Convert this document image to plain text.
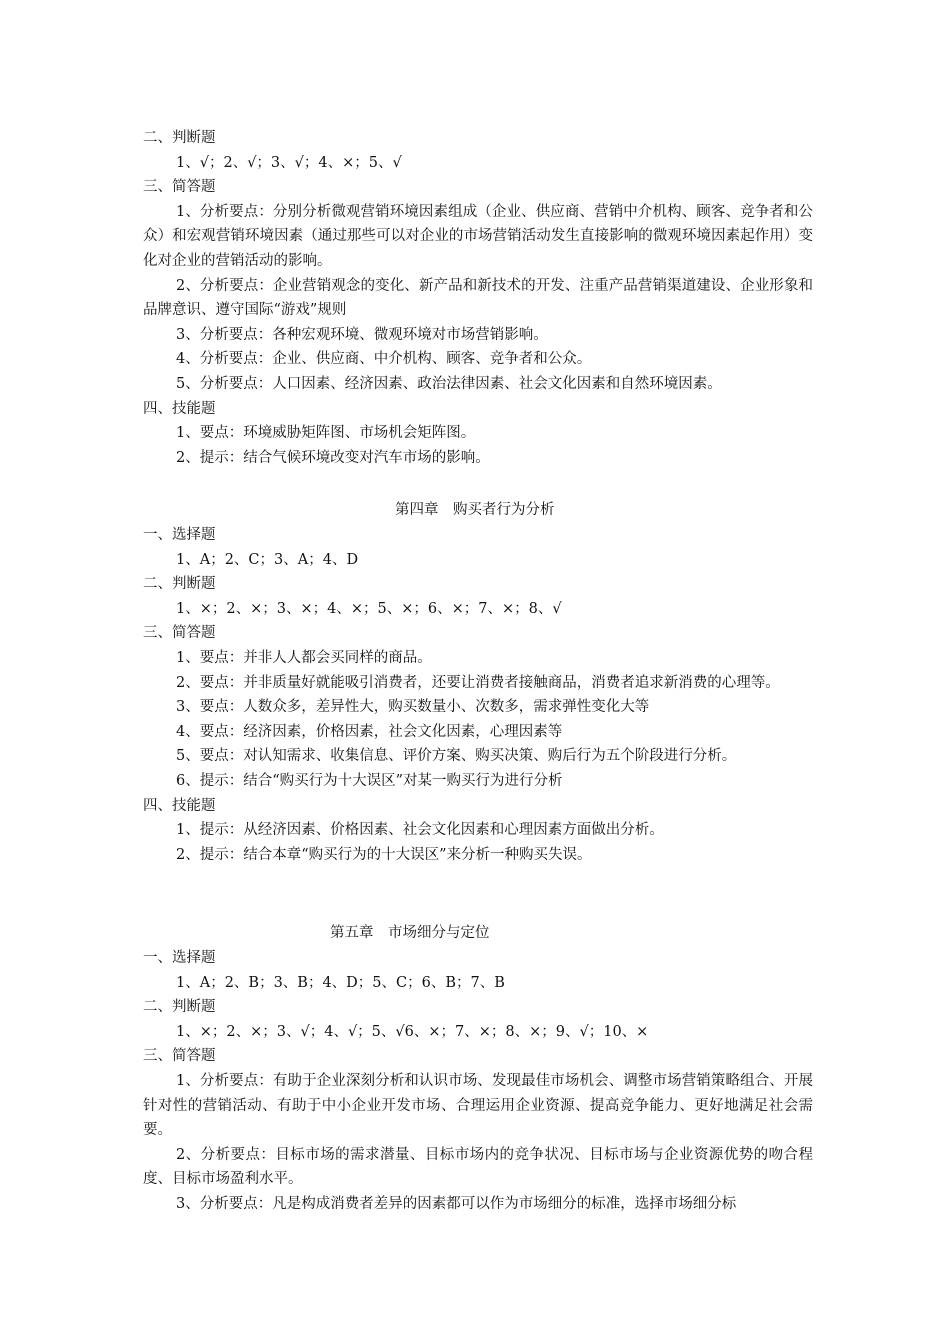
二、判断题
1、√；2、√；3、√；4、×；5、√
三、简答题
1、分析要点：分别分析微观营销环境因素组成（企业、供应商、营销中介机构、顾客、竞争者和公众）和宏观营销环境因素（通过那些可以对企业的市场营销活动发生直接影响的微观环境因素起作用）变化对企业的营销活动的影响。
2、分析要点：企业营销观念的变化、新产品和新技术的开发、注重产品营销渠道建设、企业形象和品牌意识、遵守国际“游戏”规则
3、分析要点：各种宏观环境、微观环境对市场营销影响。
4、分析要点：企业、供应商、中介机构、顾客、竞争者和公众。
5、分析要点：人口因素、经济因素、政治法律因素、社会文化因素和自然环境因素。
四、技能题
1、要点：环境威胁矩阵图、市场机会矩阵图。
2、提示：结合气候环境改变对汽车市场的影响。
第四章　购买者行为分析
一、选择题
1、A；2、C；3、A；4、D
二、判断题
1、×；2、×；3、×；4、×；5、×；6、×；7、×；8、√
三、简答题
1、要点：并非人人都会买同样的商品。
2、要点：并非质量好就能吸引消费者，还要让消费者接触商品，消费者追求新消费的心理等。
3、要点：人数众多，差异性大，购买数量小、次数多，需求弹性变化大等
4、要点：经济因素，价格因素，社会文化因素，心理因素等
5、要点：对认知需求、收集信息、评价方案、购买决策、购后行为五个阶段进行分析。
6、提示：结合“购买行为十大误区”对某一购买行为进行分析
四、技能题
1、提示：从经济因素、价格因素、社会文化因素和心理因素方面做出分析。
2、提示：结合本章“购买行为的十大误区”来分析一种购买失误。
第五章　市场细分与定位
一、选择题
1、A；2、B；3、B；4、D；5、C；6、B；7、B
二、判断题
1、×；2、×；3、√；4、√；5、√6、×；7、×；8、×；9、√；10、×
三、简答题
1、分析要点：有助于企业深刻分析和认识市场、发现最佳市场机会、调整市场营销策略组合、开展针对性的营销活动、有助于中小企业开发市场、合理运用企业资源、提高竞争能力、更好地满足社会需要。
2、分析要点：目标市场的需求潜量、目标市场内的竞争状况、目标市场与企业资源优势的吻合程度、目标市场盈利水平。
3、分析要点：凡是构成消费者差异的因素都可以作为市场细分的标准，选择市场细分标
